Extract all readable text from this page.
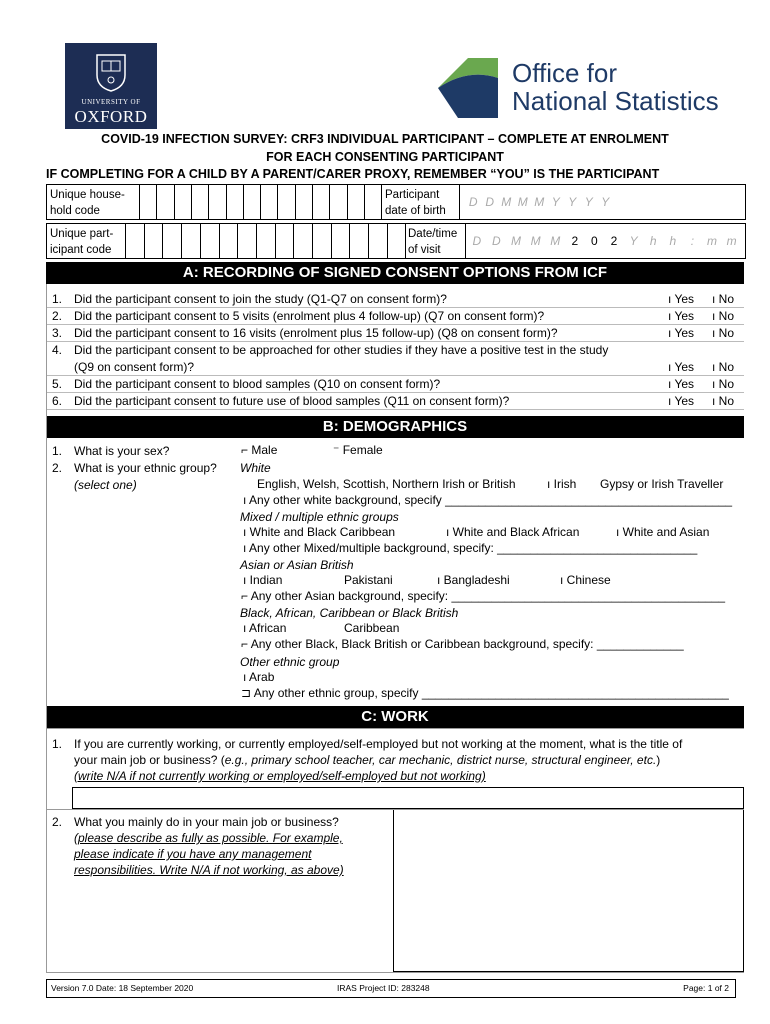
UNIVERSITY OF
OXFORD
Office for
National Statistics
COVID-19 INFECTION SURVEY: CRF3 INDIVIDUAL PARTICIPANT – COMPLETE AT ENROLMENT
FOR EACH CONSENTING PARTICIPANT
IF COMPLETING FOR A CHILD BY A PARENT/CARER PROXY, REMEMBER “YOU” IS THE PARTICIPANT
Unique house-
hold code
Participant
date of birth
D D M M M Y Y Y Y
Unique part-
icipant code
Date/time
of visit
D D M M M 2	0	2	Y	h	h	:	m m
A: RECORDING OF SIGNED CONSENT OPTIONS FROM ICF
1. Did the participant consent to join the study (Q1-Q7 on consent form)?	ı Yes ı No
2. Did the participant consent to 5 visits (enrolment plus 4 follow-up) (Q7 on consent form)?	ı Yes ı No
3. Did the participant consent to 16 visits (enrolment plus 15 follow-up) (Q8 on consent form)?	ı Yes ı No
4. Did the participant consent to be approached for other studies if they have a positive test in the study
(Q9 on consent form)?	ı Yes ı No
5. Did the participant consent to blood samples (Q10 on consent form)?	ı Yes ı No
6. Did the participant consent to future use of blood samples (Q11 on consent form)?	ı Yes ı No
B: DEMOGRAPHICS
1. What is your sex?	⌐ Male	⁻ Female
2. What is your ethnic group?
(select one)
White
English, Welsh, Scottish, Northern Irish or British	ı Irish Gypsy or Irish Traveller
ı Any other white background, specify ___________________________________________
Mixed / multiple ethnic groups
ı White and Black Caribbean	ı White and Black African	ı White and Asian
ı Any other Mixed/multiple background, specify: ______________________________
Asian or Asian British
ı Indian	Pakistani	ı Bangladeshi	ı Chinese
⌐ Any other Asian background, specify: _________________________________________
Black, African, Caribbean or Black British
ı African	Caribbean
⌐ Any other Black, Black British or Caribbean background, specify: _____________
Other ethnic group
ı Arab
⊐ Any other ethnic group, specify ______________________________________________
C: WORK
1. If you are currently working, or currently employed/self-employed but not working at the moment, what is the title of
your main job or business? (e.g., primary school teacher, car mechanic, district nurse, structural engineer, etc.)
(write N/A if not currently working or employed/self-employed but not working)
2. What you mainly do in your main job or business?
(please describe as fully as possible. For example,
please indicate if you have any management
responsibilities. Write N/A if not working, as above)
Version 7.0 Date: 18 September 2020	IRAS Project ID: 283248	Page: 1 of 2
